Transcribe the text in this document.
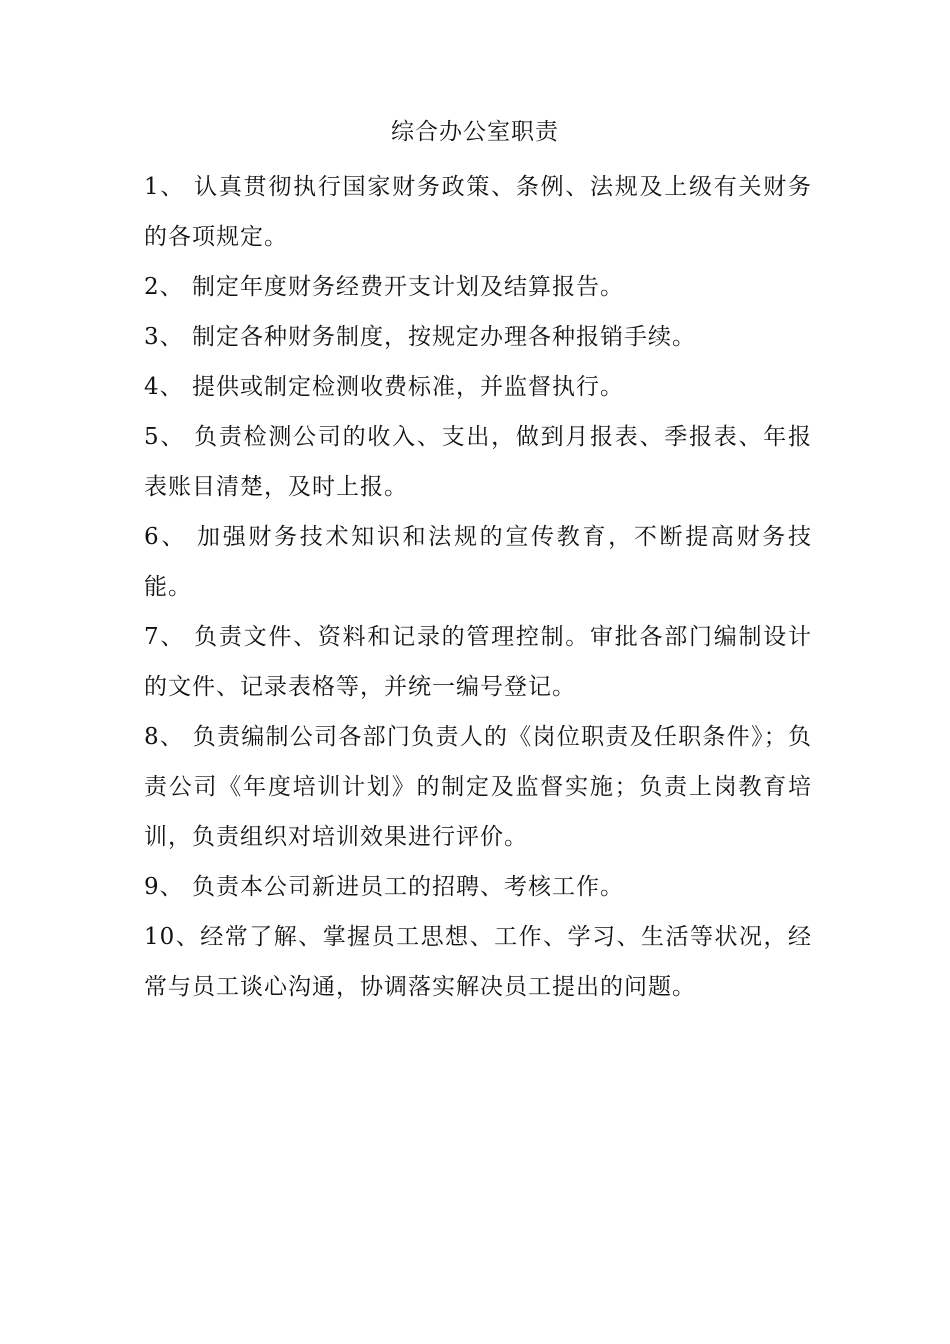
综合办公室职责
1、 认真贯彻执行国家财务政策、条例、法规及上级有关财务的各项规定。
2、 制定年度财务经费开支计划及结算报告。
3、 制定各种财务制度，按规定办理各种报销手续。
4、 提供或制定检测收费标准，并监督执行。
5、 负责检测公司的收入、支出，做到月报表、季报表、年报表账目清楚，及时上报。
6、 加强财务技术知识和法规的宣传教育，不断提高财务技能。
7、 负责文件、资料和记录的管理控制。审批各部门编制设计的文件、记录表格等，并统一编号登记。
8、 负责编制公司各部门负责人的《岗位职责及任职条件》；负责公司《年度培训计划》的制定及监督实施；负责上岗教育培训，负责组织对培训效果进行评价。
9、 负责本公司新进员工的招聘、考核工作。
10、经常了解、掌握员工思想、工作、学习、生活等状况，经常与员工谈心沟通，协调落实解决员工提出的问题。
